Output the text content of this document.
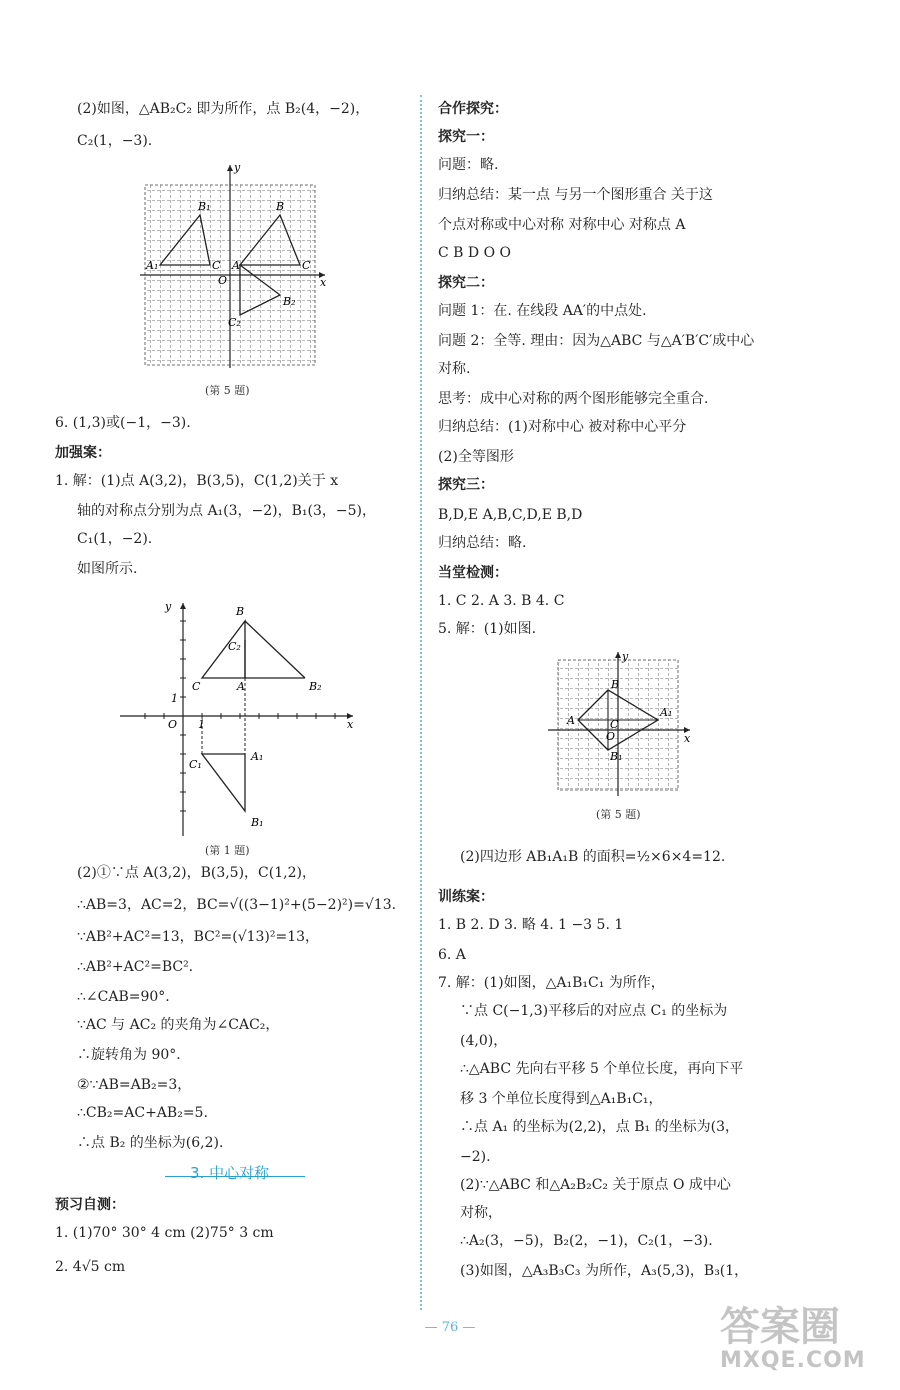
(2)如图，△AB₂C₂ 即为所作，点 B₂(4，−2)，
C₂(1，−3).
y
B₁	B
A₁	C A	C
O	x
C₂
B₂
(第 5 题)
6. (1,3)或(−1，−3).
加强案：
1. 解：(1)点 A(3,2)，B(3,5)，C(1,2)关于 x
轴的对称点分别为点 A₁(3，−2)，B₁(3，−5)，
C₁(1，−2).
如图所示.
y	B
C₂
C	A	B₂
1
O 1	x
A₁
C₁
B₁
(第 1 题)
(2)①∵点 A(3,2)，B(3,5)，C(1,2)，
∴AB=3，AC=2，BC=√((3−1)²+(5−2)²)=√13.
∵AB²+AC²=13，BC²=(√13)²=13，
∴AB²+AC²=BC².
∴∠CAB=90°.
∵AC 与 AC₂ 的夹角为∠CAC₂，
∴旋转角为 90°.
②∵AB=AB₂=3，
∴CB₂=AC+AB₂=5.
∴点 B₂ 的坐标为(6,2).
3. 中心对称
预习自测：
1. (1)70° 30° 4 cm (2)75° 3 cm
2. 4√5 cm
合作探究：
探究一：
问题：略.
归纳总结：某一点 与另一个图形重合 关于这
个点对称或中心对称 对称中心 对称点 A
C B D O O
探究二：
问题 1：在. 在线段 AA′的中点处.
问题 2：全等. 理由：因为△ABC 与△A′B′C′成中心
对称.
思考：成中心对称的两个图形能够完全重合.
归纳总结：(1)对称中心 被对称中心平分
(2)全等图形
探究三：
B,D,E A,B,C,D,E B,D
归纳总结：略.
当堂检测：
1. C 2. A 3. B 4. C
5. 解：(1)如图.
y
B
A	C
A₁
O
B₁
x
(第 5 题)
(2)四边形 AB₁A₁B 的面积=½×6×4=12.
训练案：
1. B 2. D 3. 略 4. 1 −3 5. 1
6. A
7. 解：(1)如图，△A₁B₁C₁ 为所作，
∵点 C(−1,3)平移后的对应点 C₁ 的坐标为
(4,0)，
∴△ABC 先向右平移 5 个单位长度，再向下平
移 3 个单位长度得到△A₁B₁C₁，
∴点 A₁ 的坐标为(2,2)，点 B₁ 的坐标为(3，
−2).
(2)∵△ABC 和△A₂B₂C₂ 关于原点 O 成中心
对称，
∴A₂(3，−5)，B₂(2，−1)，C₂(1，−3).
(3)如图，△A₃B₃C₃ 为所作，A₃(5,3)，B₃(1，
— 76 —	答案圈
MXQE.COM
